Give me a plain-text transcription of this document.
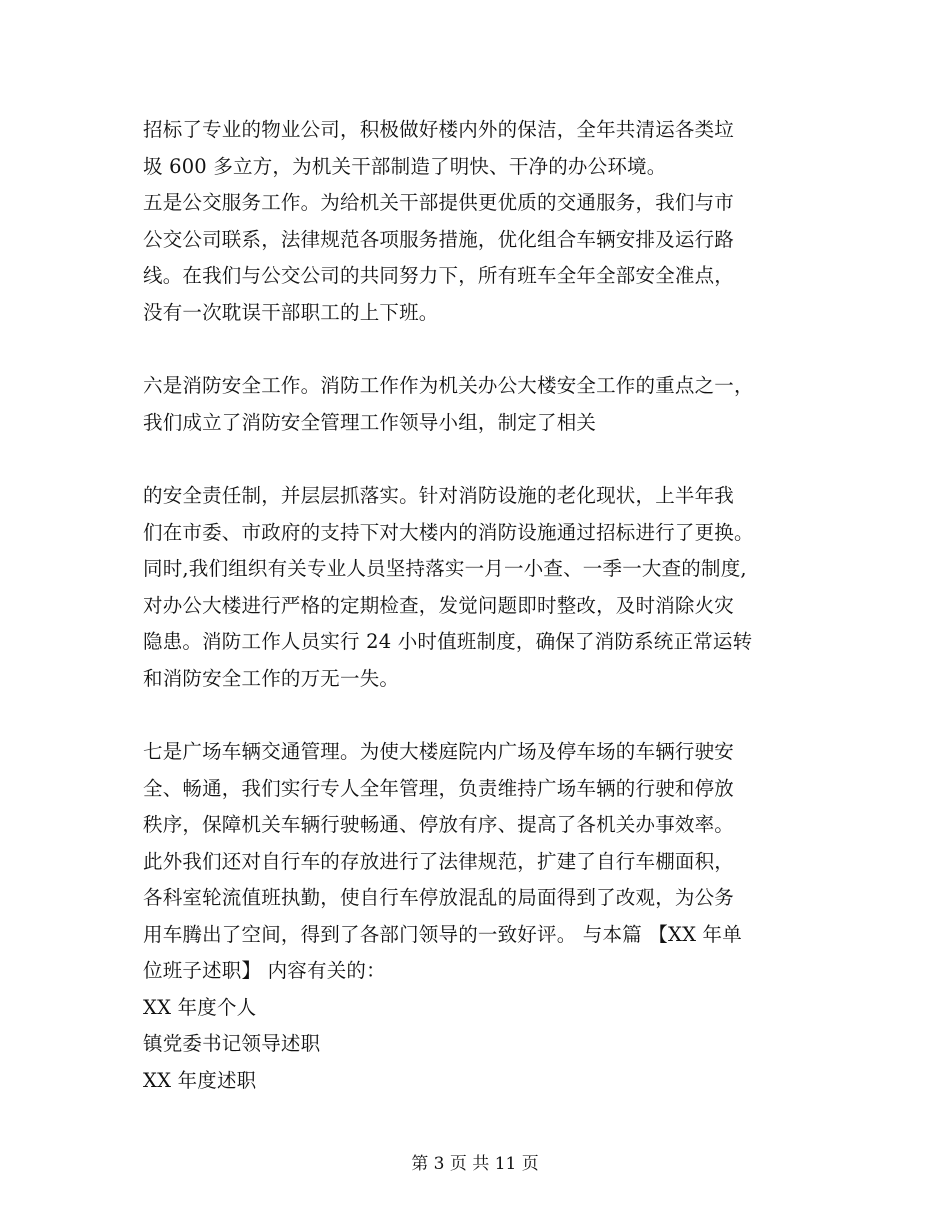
招标了专业的物业公司，积极做好楼内外的保洁，全年共清运各类垃
圾 600 多立方，为机关干部制造了明快、干净的办公环境。
五是公交服务工作。为给机关干部提供更优质的交通服务，我们与市
公交公司联系，法律规范各项服务措施，优化组合车辆安排及运行路
线。在我们与公交公司的共同努力下，所有班车全年全部安全准点，
没有一次耽误干部职工的上下班。
六是消防安全工作。消防工作作为机关办公大楼安全工作的重点之一，
我们成立了消防安全管理工作领导小组，制定了相关
的安全责任制，并层层抓落实。针对消防设施的老化现状，上半年我
们在市委、市政府的支持下对大楼内的消防设施通过招标进行了更换。
同时,我们组织有关专业人员坚持落实一月一小查、一季一大查的制度,
对办公大楼进行严格的定期检查，发觉问题即时整改，及时消除火灾
隐患。消防工作人员实行 24 小时值班制度，确保了消防系统正常运转
和消防安全工作的万无一失。
七是广场车辆交通管理。为使大楼庭院内广场及停车场的车辆行驶安
全、畅通，我们实行专人全年管理，负责维持广场车辆的行驶和停放
秩序，保障机关车辆行驶畅通、停放有序、提高了各机关办事效率。
此外我们还对自行车的存放进行了法律规范，扩建了自行车棚面积，
各科室轮流值班执勤，使自行车停放混乱的局面得到了改观，为公务
用车腾出了空间，得到了各部门领导的一致好评。 与本篇 【XX 年单
位班子述职】 内容有关的：
XX 年度个人
镇党委书记领导述职
XX 年度述职
第 3 页 共 11 页
